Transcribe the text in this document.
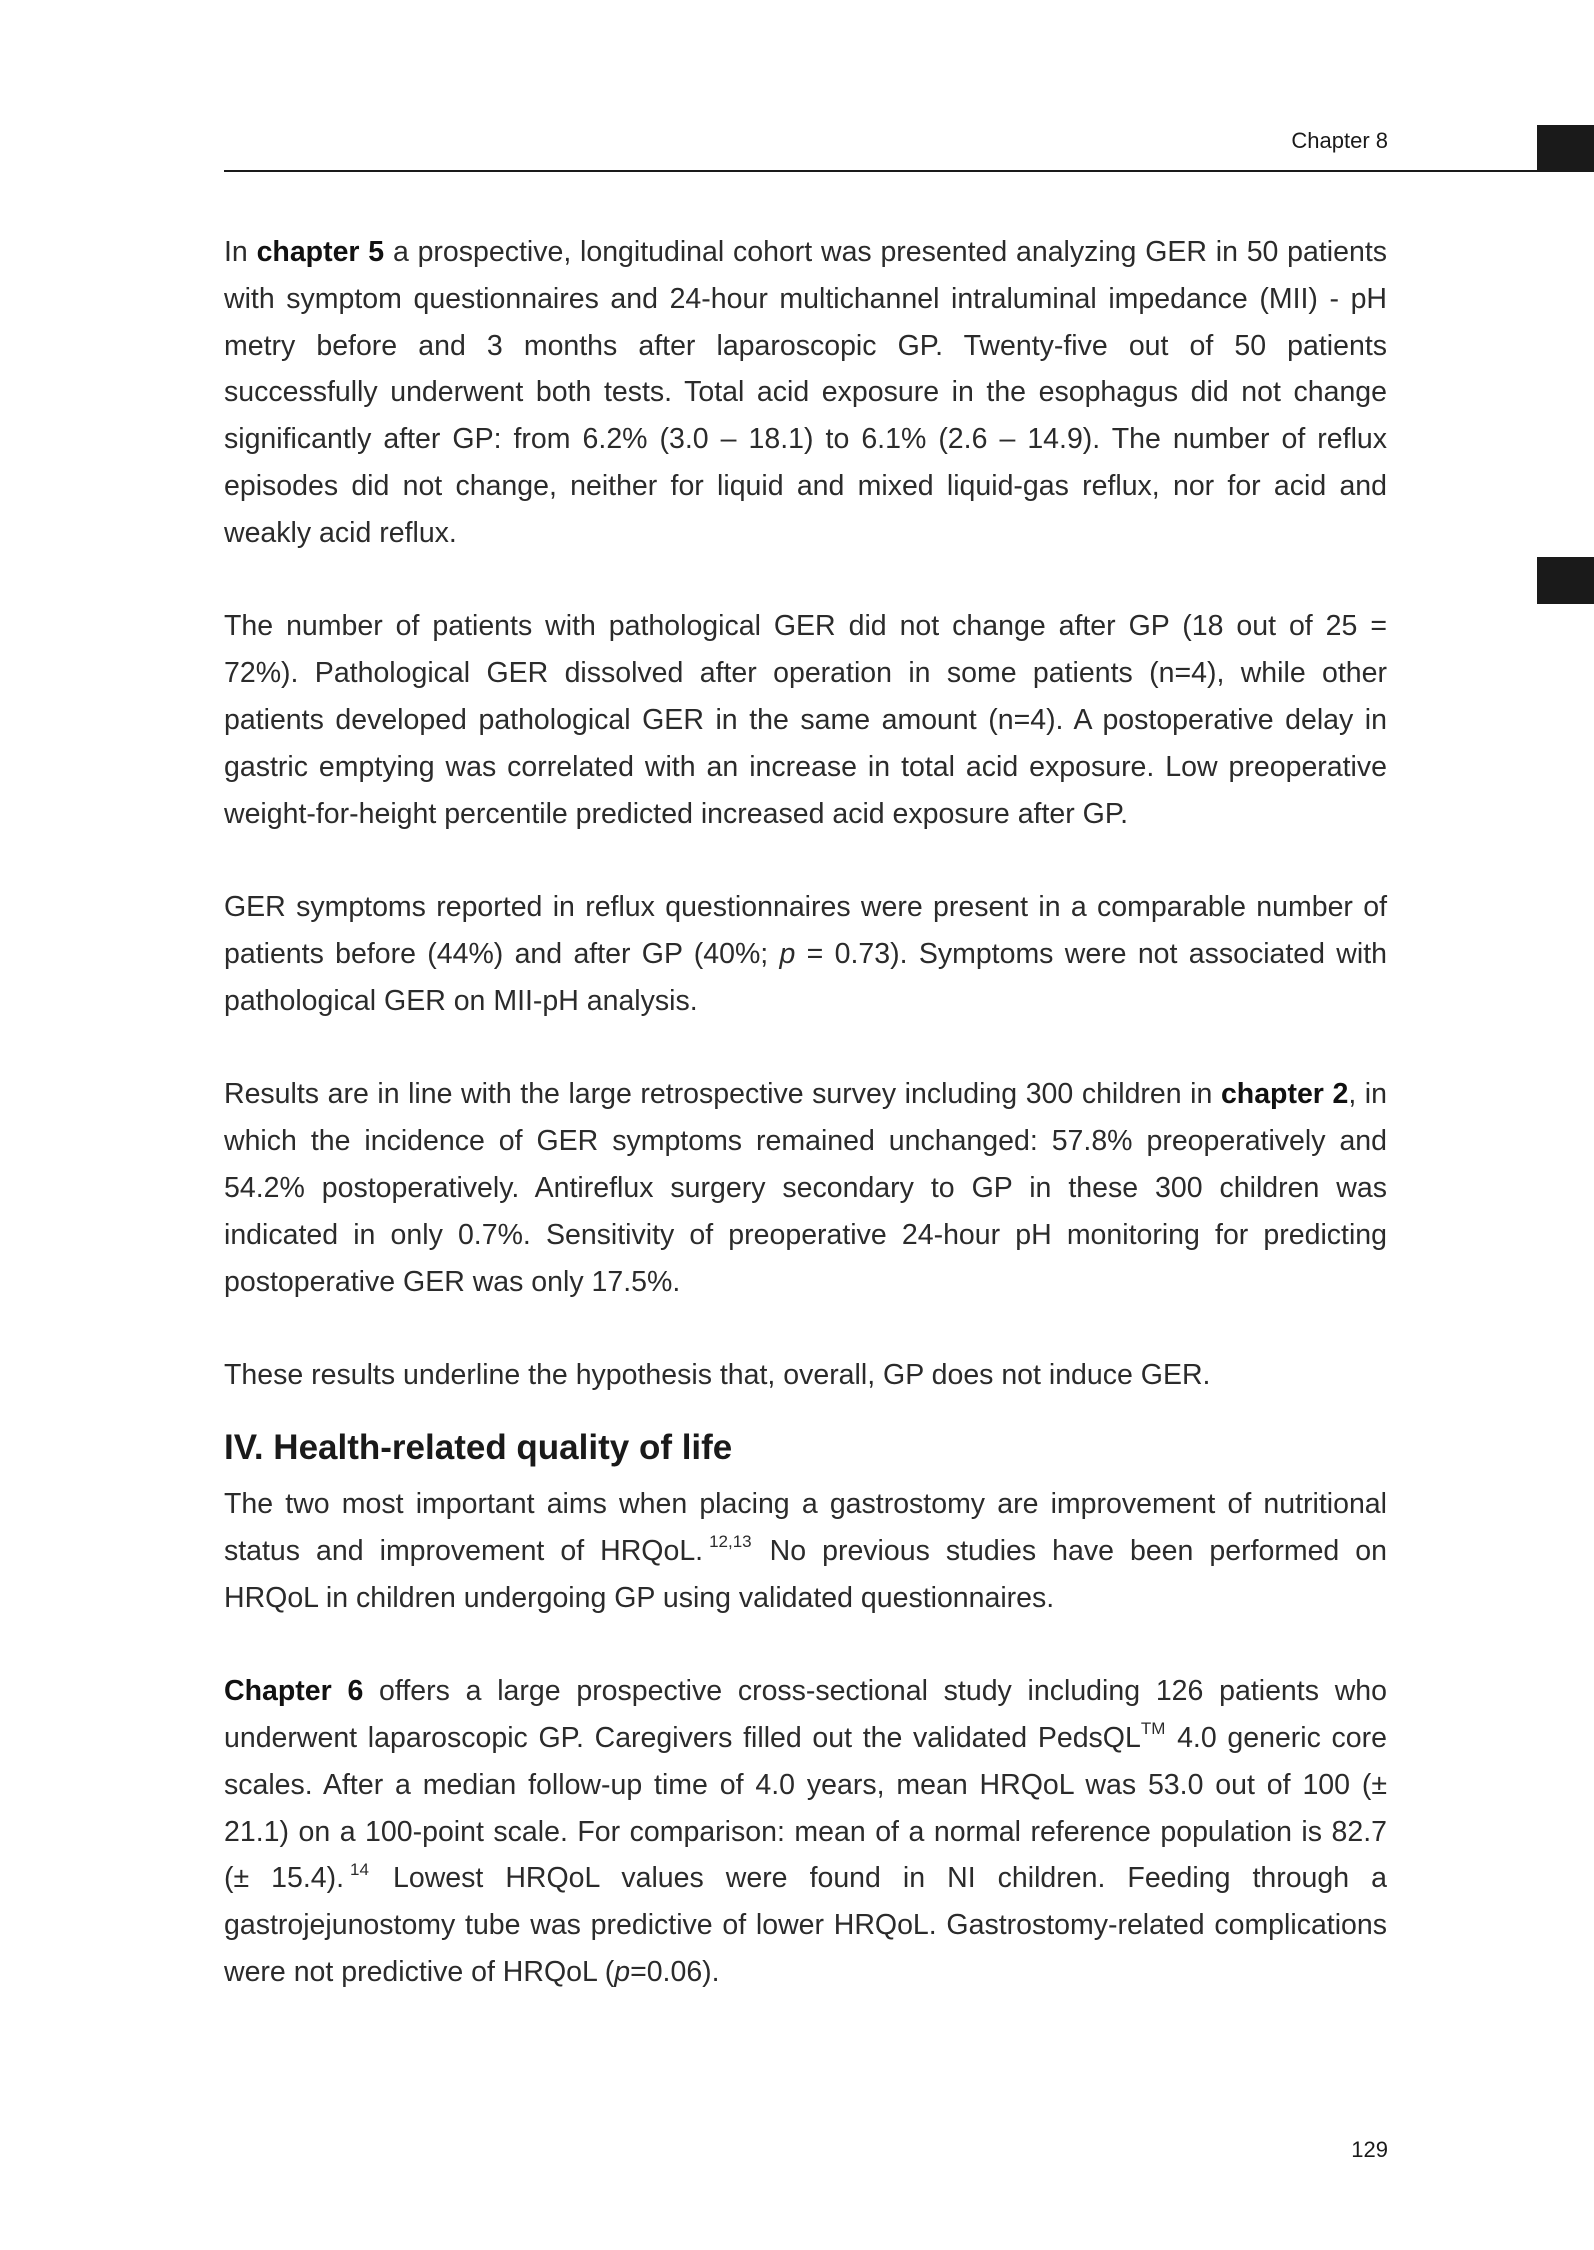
Chapter 8

In chapter 5 a prospective, longitudinal cohort was presented analyzing GER in 50 patients with symptom questionnaires and 24-hour multichannel intraluminal impedance (MII) - pH metry before and 3 months after laparoscopic GP. Twenty-five out of 50 patients successfully underwent both tests. Total acid exposure in the esophagus did not change significantly after GP: from 6.2% (3.0 – 18.1) to 6.1% (2.6 – 14.9). The number of reflux episodes did not change, neither for liquid and mixed liquid-gas reflux, nor for acid and weakly acid reflux.

The number of patients with pathological GER did not change after GP (18 out of 25 = 72%). Pathological GER dissolved after operation in some patients (n=4), while other patients developed pathological GER in the same amount (n=4). A postoperative delay in gastric emptying was correlated with an increase in total acid exposure. Low preoperative weight-for-height percentile predicted increased acid exposure after GP.

GER symptoms reported in reflux questionnaires were present in a comparable number of patients before (44%) and after GP (40%; p = 0.73). Symptoms were not associated with pathological GER on MII-pH analysis.

Results are in line with the large retrospective survey including 300 children in chapter 2, in which the incidence of GER symptoms remained unchanged: 57.8% preoperatively and 54.2% postoperatively. Antireflux surgery secondary to GP in these 300 children was indicated in only 0.7%. Sensitivity of preoperative 24-hour pH monitoring for predicting postoperative GER was only 17.5%.

These results underline the hypothesis that, overall, GP does not induce GER.

IV. Health-related quality of life

The two most important aims when placing a gastrostomy are improvement of nutritional status and improvement of HRQoL. $^{12,13}$ No previous studies have been performed on HRQoL in children undergoing GP using validated questionnaires.

Chapter 6 offers a large prospective cross-sectional study including 126 patients who underwent laparoscopic GP. Caregivers filled out the validated PedsQL™ 4.0 generic core scales. After a median follow-up time of 4.0 years, mean HRQoL was 53.0 out of 100 (± 21.1) on a 100-point scale. For comparison: mean of a normal reference population is 82.7 (± 15.4). $^{14}$ Lowest HRQoL values were found in NI children. Feeding through a gastrojejunostomy tube was predictive of lower HRQoL. Gastrostomy-related complications were not predictive of HRQoL (p=0.06).

129
